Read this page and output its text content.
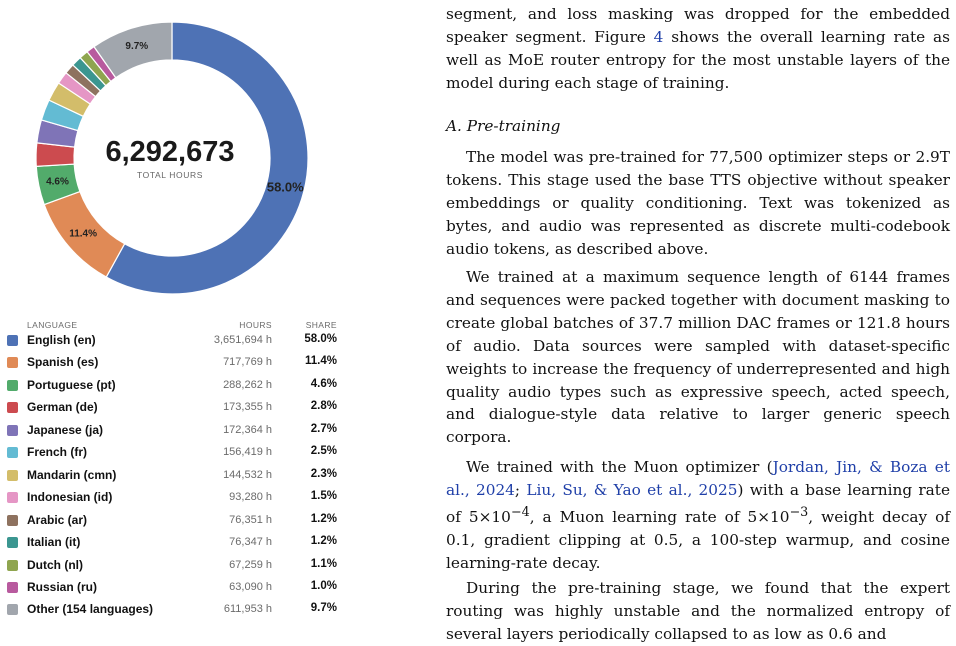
58.0%
11.4%
4.6%
9.7%
6,292,673
TOTAL HOURS
LANGUAGE	HOURS	SHARE
English (en)	3,651,694 h	58.0%
Spanish (es)	717,769 h	11.4%
Portuguese (pt)	288,262 h	4.6%
German (de)	173,355 h	2.8%
Japanese (ja)	172,364 h	2.7%
French (fr)	156,419 h	2.5%
Mandarin (cmn)	144,532 h	2.3%
Indonesian (id)	93,280 h	1.5%
Arabic (ar)	76,351 h	1.2%
Italian (it)	76,347 h	1.2%
Dutch (nl)	67,259 h	1.1%
Russian (ru)	63,090 h	1.0%
Other (154 languages)	611,953 h	9.7%
segment, and loss masking was dropped for the embedded speaker segment. Figure 4 shows the overall learning rate as well as MoE router entropy for the most unstable layers of the model during each stage of training.
A. Pre-training
The model was pre-trained for 77,500 optimizer steps or 2.9T tokens. This stage used the base TTS objective without speaker embeddings or quality conditioning. Text was tokenized as bytes, and audio was represented as discrete multi-codebook audio tokens, as described above.
We trained at a maximum sequence length of 6144 frames and sequences were packed together with document masking to create global batches of 37.7 million DAC frames or 121.8 hours of audio. Data sources were sampled with dataset-specific weights to increase the frequency of underrepresented and high quality audio types such as expressive speech, acted speech, and dialogue-style data relative to larger generic speech corpora.
We trained with the Muon optimizer (Jordan, Jin, & Boza et al., 2024; Liu, Su, & Yao et al., 2025) with a base learning rate of $5\times 10^{-4}$, a Muon learning rate of $5\times 10^{-3}$, weight decay of 0.1, gradient clipping at 0.5, a 100-step warmup, and cosine learning-rate decay.
During the pre-training stage, we found that the expert routing was highly unstable and the normalized entropy of several layers periodically collapsed to as low as 0.6 and
